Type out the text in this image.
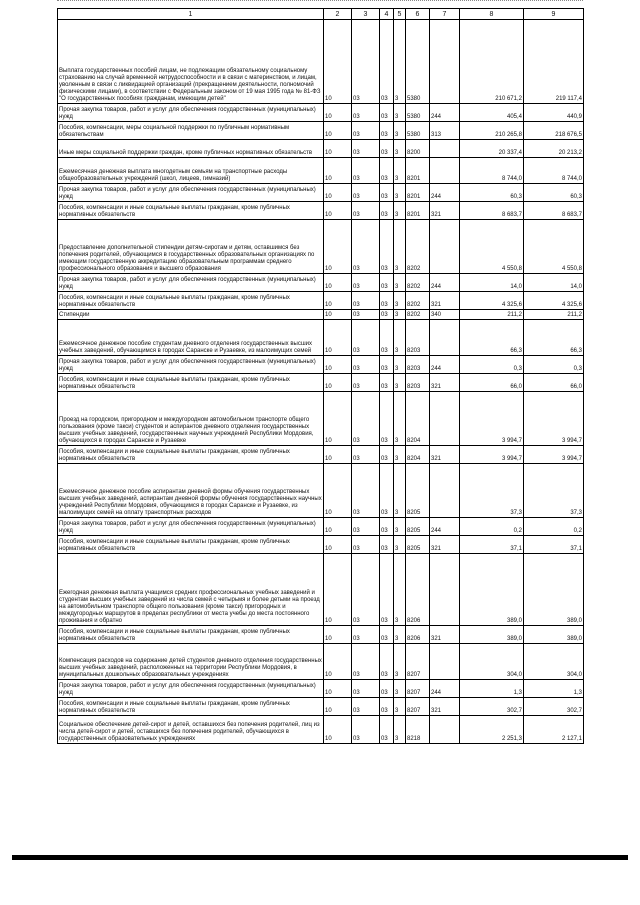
1	2	3	4	5	6	7	8	9
Выплата государственных пособий лицам, не подлежащим обязательному социальному страхованию на случай временной нетрудоспособности и в связи с материнством, и лицам, уволенным в связи с ликвидацией организаций (прекращением деятельности, полномочий физическими лицами), в соответствии с Федеральным законом от 19 мая 1995 года № 81-ФЗ "О государственных пособиях гражданам, имеющим детей"	10	03	03	3	5380		210 671,2	219 117,4
Прочая закупка товаров, работ и услуг для обеспечения государственных (муниципальных) нужд	10	03	03	3	5380	244	405,4	440,9
Пособия, компенсации, меры социальной поддержки по публичным нормативным обязательствам	10	03	03	3	5380	313	210 265,8	218 676,5
Иные меры социальной поддержки граждан, кроме публичных нормативных обязательств	10	03	03	3	8200		20 337,4	20 213,2
Ежемесячная денежная выплата многодетным семьям на транспортные расходы общеобразовательных учреждений (школ, лицеев, гимназий)	10	03	03	3	8201		8 744,0	8 744,0
Прочая закупка товаров, работ и услуг для обеспечения государственных (муниципальных) нужд	10	03	03	3	8201	244	60,3	60,3
Пособия, компенсации и иные социальные выплаты гражданам, кроме публичных нормативных обязательств	10	03	03	3	8201	321	8 683,7	8 683,7
Предоставление дополнительной стипендии детям-сиротам и детям, оставшимся без попечения родителей, обучающимся в государственных образовательных организациях по имеющим государственную аккредитацию образовательным программам среднего профессионального образования и высшего образования	10	03	03	3	8202		4 550,8	4 550,8
Прочая закупка товаров, работ и услуг для обеспечения государственных (муниципальных) нужд	10	03	03	3	8202	244	14,0	14,0
Пособия, компенсации и иные социальные выплаты гражданам, кроме публичных нормативных обязательств	10	03	03	3	8202	321	4 325,6	4 325,6
Стипендии	10	03	03	3	8202	340	211,2	211,2
Ежемесячное денежное пособие студентам дневного отделения государственных высших учебных заведений, обучающимся в городах Саранске и Рузаевке, из малоимущих семей	10	03	03	3	8203		66,3	66,3
Прочая закупка товаров, работ и услуг для обеспечения государственных (муниципальных) нужд	10	03	03	3	8203	244	0,3	0,3
Пособия, компенсации и иные социальные выплаты гражданам, кроме публичных нормативных обязательств	10	03	03	3	8203	321	66,0	66,0
Проезд на городском, пригородном и междугородном автомобильном транспорте общего пользования (кроме такси) студентов и аспирантов дневного отделения государственных высших учебных заведений, государственных научных учреждений Республики Мордовия, обучающихся в городах Саранске и Рузаевке	10	03	03	3	8204		3 994,7	3 994,7
Пособия, компенсации и иные социальные выплаты гражданам, кроме публичных нормативных обязательств	10	03	03	3	8204	321	3 994,7	3 994,7
Ежемесячное денежное пособие аспирантам дневной формы обучения государственных высших учебных заведений, аспирантам дневной формы обучения государственных научных учреждений Республики Мордовия, обучающимся в городах Саранске и Рузаевке, из малоимущих семей на оплату транспортных расходов	10	03	03	3	8205		37,3	37,3
Прочая закупка товаров, работ и услуг для обеспечения государственных (муниципальных) нужд	10	03	03	3	8205	244	0,2	0,2
Пособия, компенсации и иные социальные выплаты гражданам, кроме публичных нормативных обязательств	10	03	03	3	8205	321	37,1	37,1
Ежегодная денежная выплата учащимся средних профессиональных учебных заведений и студентам высших учебных заведений из числа семей с четырьмя и более детьми на проезд на автомобильном транспорте общего пользования (кроме такси) пригородных и междугородных маршрутов в пределах республики от места учебы до места постоянного проживания и обратно	10	03	03	3	8206		389,0	389,0
Пособия, компенсации и иные социальные выплаты гражданам, кроме публичных нормативных обязательств	10	03	03	3	8206	321	389,0	389,0
Компенсация расходов на содержание детей студентов дневного отделения государственных высших учебных заведений, расположенных на территории Республики Мордовия, в муниципальных дошкольных образовательных учреждениях	10	03	03	3	8207		304,0	304,0
Прочая закупка товаров, работ и услуг для обеспечения государственных (муниципальных) нужд	10	03	03	3	8207	244	1,3	1,3
Пособия, компенсации и иные социальные выплаты гражданам, кроме публичных нормативных обязательств	10	03	03	3	8207	321	302,7	302,7
Социальное обеспечение детей-сирот и детей, оставшихся без попечения родителей, лиц из числа детей-сирот и детей, оставшихся без попечения родителей, обучающихся в государственных образовательных учреждениях	10	03	03	3	8218		2 251,3	2 127,1
